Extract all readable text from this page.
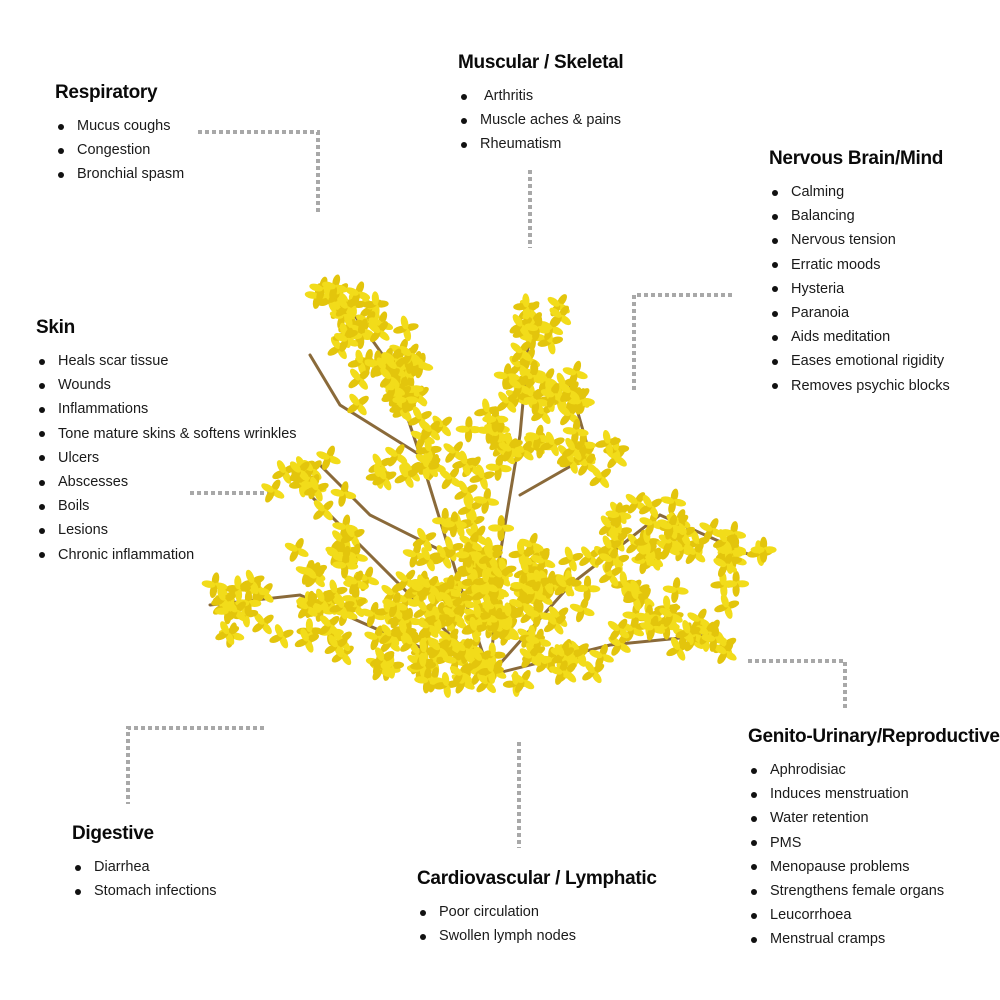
Respiratory
Mucus coughs
Congestion
Bronchial spasm
Muscular / Skeletal
Arthritis
Muscle aches & pains
Rheumatism
Nervous Brain/Mind
Calming
Balancing
Nervous tension
Erratic moods
Hysteria
Paranoia
Aids meditation
Eases emotional rigidity
Removes psychic blocks
Skin
Heals scar tissue
Wounds
Inflammations
Tone mature skins & softens wrinkles
Ulcers
Abscesses
Boils
Lesions
Chronic inflammation
Genito-Urinary/Reproductive
Aphrodisiac
Induces menstruation
Water retention
PMS
Menopause problems
Strengthens female organs
Leucorrhoea
Menstrual cramps
Digestive
Diarrhea
Stomach infections
Cardiovascular / Lymphatic
Poor circulation
Swollen lymph nodes
